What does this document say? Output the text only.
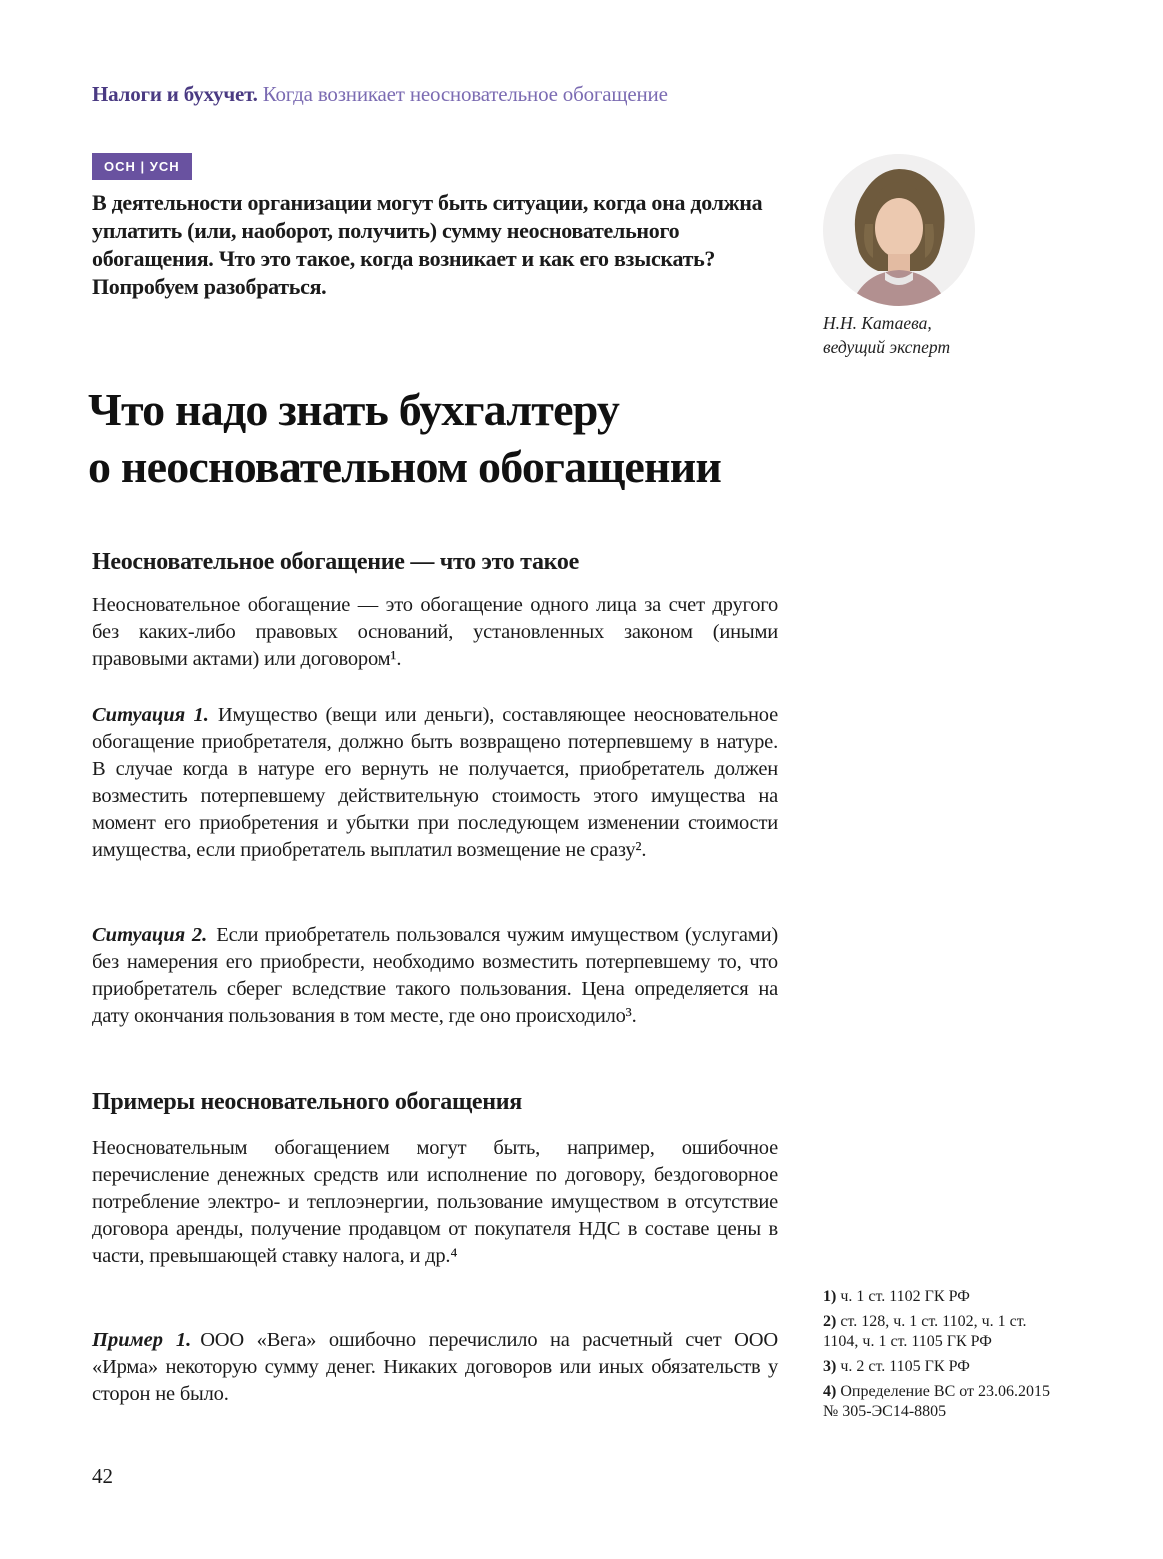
Налоги и бухучет. Когда возникает неосновательное обогащение
ОСН | УСН

В деятельности организации могут быть ситуации, когда она должна уплатить (или, наоборот, получить) сумму неосновательного обогащения. Что это такое, когда возникает и как его взыскать? Попробуем разобраться.

Н.Н. Катаева,
ведущий эксперт
Что надо знать бухгалтеру
о неосновательном обогащении
Неосновательное обогащение — что это такое

Неосновательное обогащение — это обогащение одного лица за счет другого без каких-либо правовых оснований, установленных законом (иными правовыми актами) или договором¹.

Ситуация 1. Имущество (вещи или деньги), составляющее неосновательное обогащение приобретателя, должно быть возвращено потерпевшему в натуре. В случае когда в натуре его вернуть не получается, приобретатель должен возместить потерпевшему действительную стоимость этого имущества на момент его приобретения и убытки при последующем изменении стоимости имущества, если приобретатель выплатил возмещение не сразу².

Ситуация 2. Если приобретатель пользовался чужим имуществом (услугами) без намерения его приобрести, необходимо возместить потерпевшему то, что приобретатель сберег вследствие такого пользования. Цена определяется на дату окончания пользования в том месте, где оно происходило³.

Примеры неосновательного обогащения

Неосновательным обогащением могут быть, например, ошибочное перечисление денежных средств или исполнение по договору, бездоговорное потребление электро- и теплоэнергии, пользование имуществом в отсутствие договора аренды, получение продавцом от покупателя НДС в составе цены в части, превышающей ставку налога, и др.⁴

Пример 1. ООО «Вега» ошибочно перечислило на расчетный счет ООО «Ирма» некоторую сумму денег. Никаких договоров или иных обязательств у сторон не было.

1) ч. 1 ст. 1102 ГК РФ
2) ст. 128, ч. 1 ст. 1102, ч. 1 ст. 1104, ч. 1 ст. 1105 ГК РФ
3) ч. 2 ст. 1105 ГК РФ
4) Определение ВС от 23.06.2015 № 305-ЭС14-8805
42
